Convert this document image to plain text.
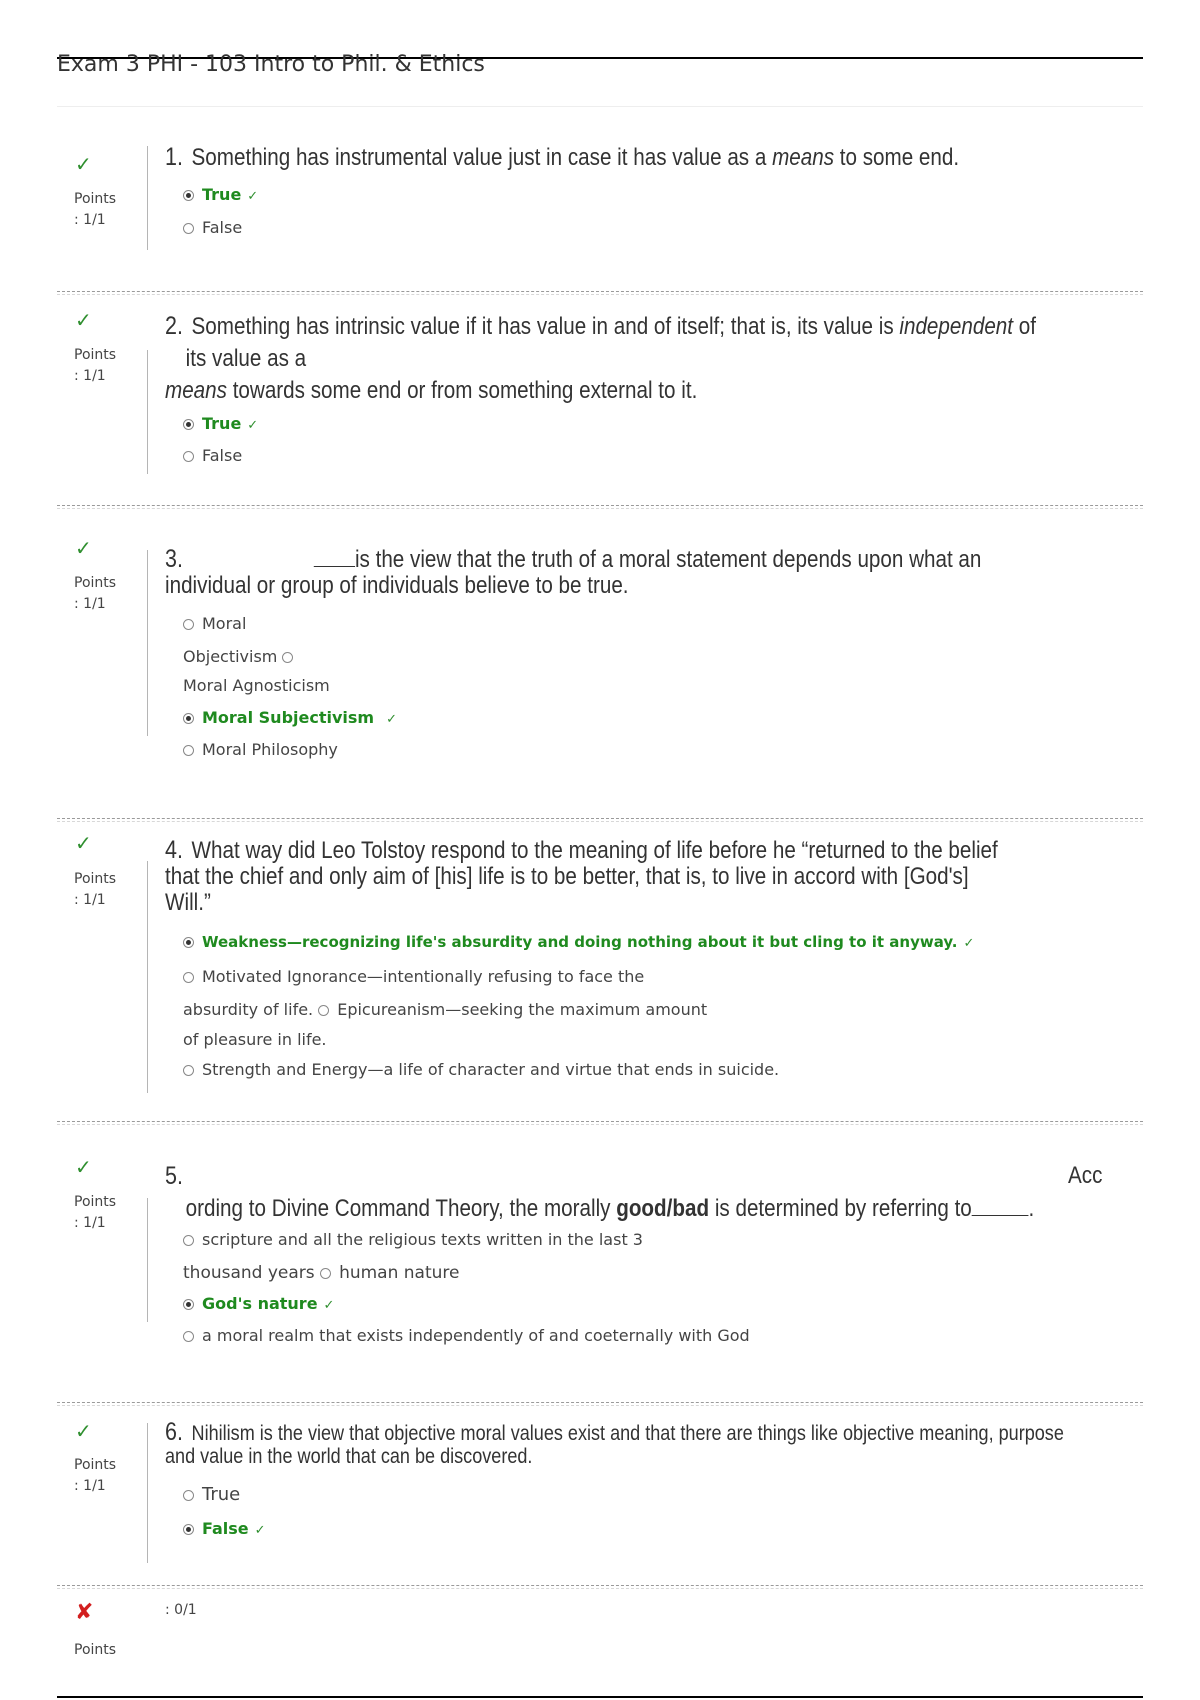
Exam 3 PHI - 103 Intro to Phil. & Ethics
✓
Points
: 1/1
1. Something has instrumental value just in case it has value as a means to some end.
True ✓
False
✓
Points
: 1/1
2. Something has intrinsic value if it has value in and of itself; that is, its value is independent of
its value as a
means towards some end or from something external to it.
True ✓
False
✓
Points
: 1/1
3.	is the view that the truth of a moral statement depends upon what an
individual or group of individuals believe to be true.
Moral
Objectivism
Moral Agnosticism
Moral Subjectivism ✓
Moral Philosophy
✓
Points
: 1/1
4. What way did Leo Tolstoy respond to the meaning of life before he “returned to the belief
that the chief and only aim of [his] life is to be better, that is, to live in accord with [God's]
Will.”
Weakness—recognizing life's absurdity and doing nothing about it but cling to it anyway. ✓
Motivated Ignorance—intentionally refusing to face the
absurdity of life. Epicureanism—seeking the maximum amount
of pleasure in life.
Strength and Energy—a life of character and virtue that ends in suicide.
✓
Points
: 1/1
5.	Acc
ording to Divine Command Theory, the morally good/bad is determined by referring to .
scripture and all the religious texts written in the last 3
thousand years human nature
God's nature ✓
a moral realm that exists independently of and coeternally with God
✓
Points
: 1/1
6. Nihilism is the view that objective moral values exist and that there are things like objective meaning, purpose
and value in the world that can be discovered.
True
False ✓
✘	: 0/1
Points
